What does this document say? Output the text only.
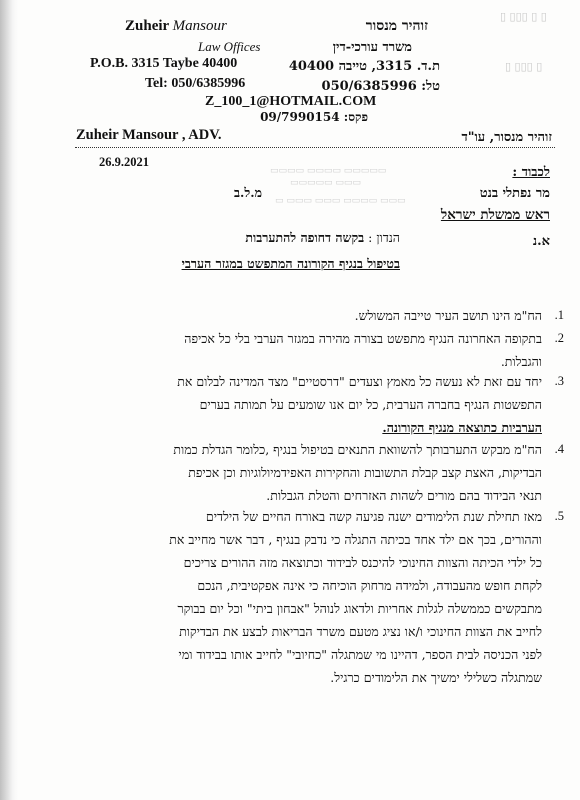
▯ ▯▯▯ ▯ ▯
▯ ▯▯▯ ▯
Zuheir Mansour
Law Offices
P.O.B. 3315 Taybe 40400
Tel: 050/6385996
זוהיר מנסור
משרד עורכי-דין
ת.ד. 3315, טייבה 40400
טל: 050/6385996
Z_100_1@HOTMAIL.COM
פקס: 09/7990154
Zuheir Mansour , ADV.	זוהיר מנסור, עו"ד
26.9.2021
לכבוד :
▭▭▭▭ ▭▭▭▭ ▭▭▭▭▭
▭▭▭▭▭ ▭▭▭
▭ ▭▭▭ ▭▭▭ ▭▭▭▭ ▭▭▭	מר נפתלי בנט
מ.ל.ב
ראש ממשלת ישראל
א.נ
הנדון : בקשה דחופה להתערבות
בטיפול בנגיף הקורונה המתפשט במגזר הערבי
1.
הח"מ הינו תושב העיר טייבה המשולש.
2.
בתקופה האחרונה הנגיף מתפשט בצורה מהירה במגזר הערבי בלי כל אכיפה
והגבלות.
3.
יחד עם זאת לא נעשה כל מאמץ וצעדים "דרסטיים" מצד המדינה לבלום את
התפשטות הנגיף בחברה הערבית, כל יום אנו שומעים על תמותה בערים
הערביות כתוצאה מנגיף הקורונה.
4.
הח"מ מבקש התערבותך להשוואת התנאים בטיפול בנגיף ,כלומר הגדלת כמות
הבדיקות, האצת קצב קבלת התשובות והחקירות האפידמיולוגיות וכן אכיפת
תנאי הבידוד בהם מורים לשהות האזרחים והטלת הגבלות.
5.
מאז תחילת שנת הלימודים ישנה פגיעה קשה באורח החיים של הילדים
וההורים, בכך אם ילד אחד בכיתה התגלה כי נדבק בנגיף , דבר אשר מחייב את
כל ילדי הכיתה והצוות החינוכי להיכנס לבידוד וכתוצאה מזה ההורים צריכים
לקחת חופש מהעבודה, ולמידה מרחוק הוכיחה כי אינה אפקטיבית, הנכם
מתבקשים כממשלה לגלות אחריות ולדאוג לנוהל "אבחון ביתי" וכל יום בבוקר
לחייב את הצוות החינוכי ו/או נציג מטעם משרד הבריאות לבצע את הבדיקות
לפני הכניסה לבית הספר, דהיינו מי שמתגלה "כחיובי" לחייב אותו בבידוד ומי
שמתגלה כשלילי ימשיך את הלימודים כרגיל.
